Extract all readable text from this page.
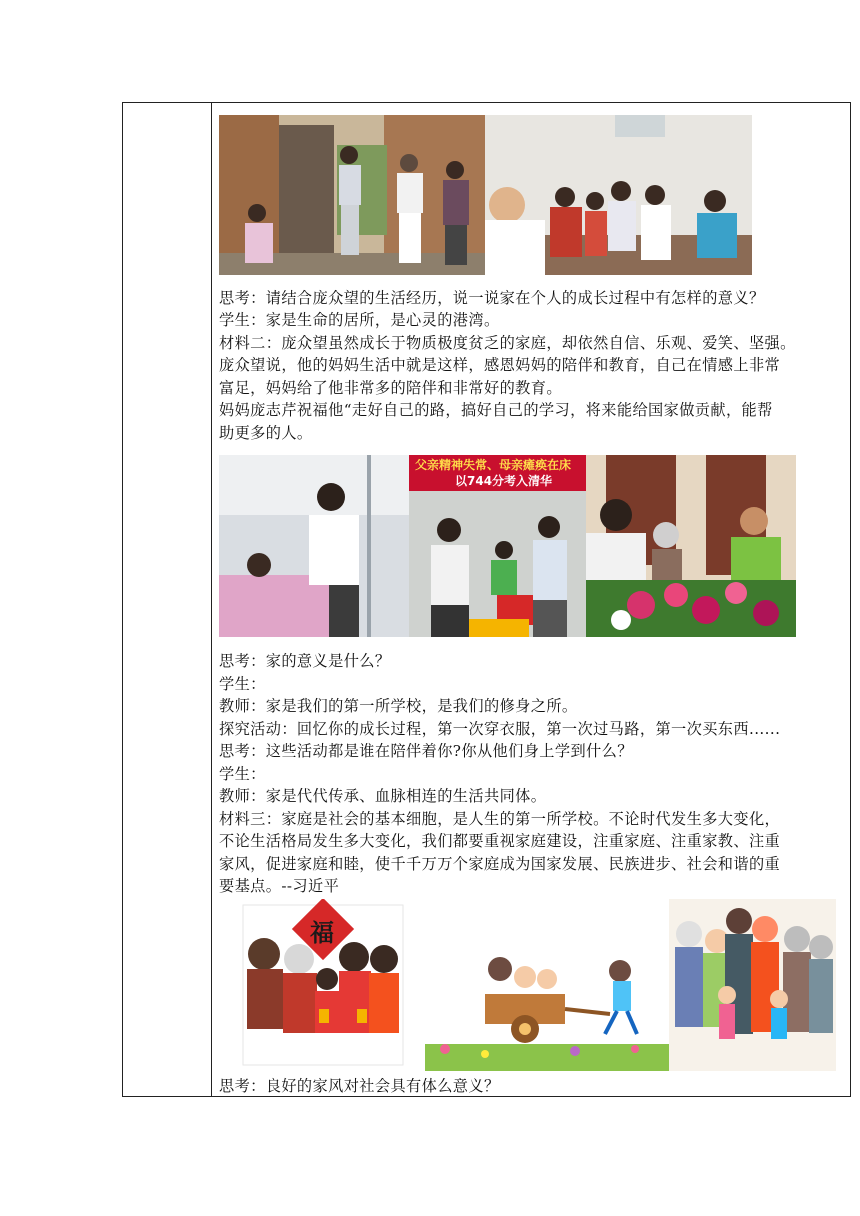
思考：请结合庞众望的生活经历，说一说家在个人的成长过程中有怎样的意义？
学生：家是生命的居所，是心灵的港湾。
材料二：庞众望虽然成长于物质极度贫乏的家庭，却依然自信、乐观、爱笑、坚强。
庞众望说，他的妈妈生活中就是这样，感恩妈妈的陪伴和教育，自己在情感上非常
富足，妈妈给了他非常多的陪伴和非常好的教育。
妈妈庞志芹祝福他“走好自己的路，搞好自己的学习，将来能给国家做贡献，能帮
助更多的人。
父亲精神失常、母亲瘫痪在床
以744分考入清华
思考：家的意义是什么？
学生：
教师：家是我们的第一所学校，是我们的修身之所。
探究活动：回忆你的成长过程，第一次穿衣服，第一次过马路，第一次买东西......
思考：这些活动都是谁在陪伴着你?你从他们身上学到什么？
学生：
教师：家是代代传承、血脉相连的生活共同体。
材料三：家庭是社会的基本细胞，是人生的第一所学校。不论时代发生多大变化，
不论生活格局发生多大变化，我们都要重视家庭建设，注重家庭、注重家教、注重
家风，促进家庭和睦，使千千万万个家庭成为国家发展、民族进步、社会和谐的重
要基点。--习近平
福
思考：良好的家风对社会具有体么意义？
